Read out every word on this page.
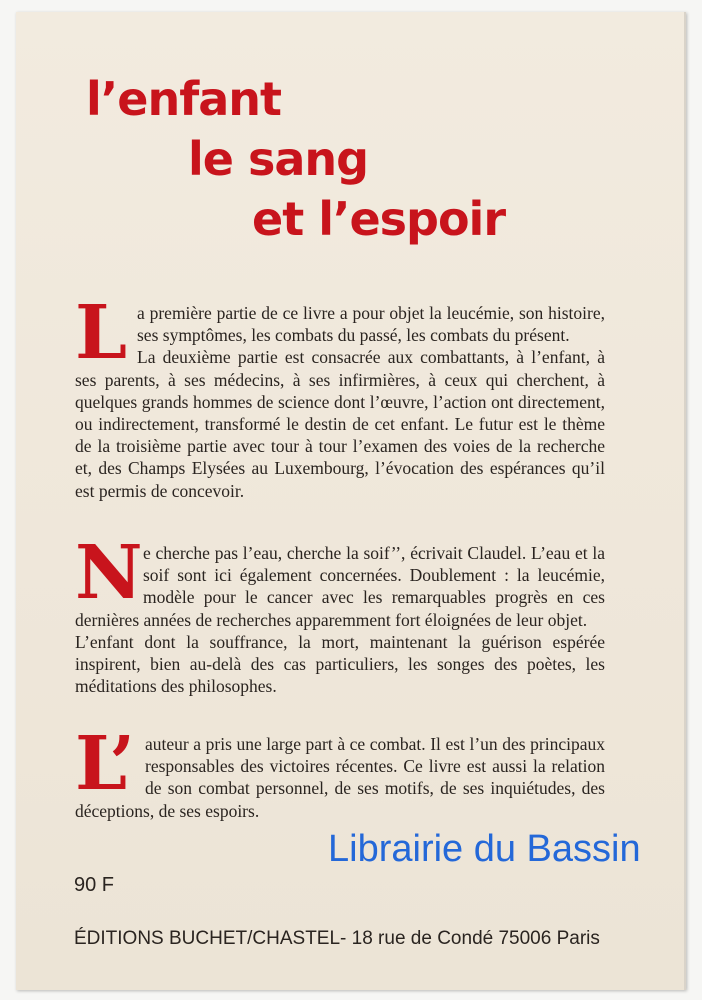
l’enfant
le sang
et l’espoir
L a première partie de ce livre a pour objet la leucémie, son histoire, ses symptômes, les combats du passé, les combats du présent.

La deuxième partie est consacrée aux combattants, à l’enfant, à ses parents, à ses médecins, à ses infirmières, à ceux qui cherchent, à quelques grands hommes de science dont l’œuvre, l’action ont directement, ou indirectement, transformé le destin de cet enfant. Le futur est le thème de la troisième partie avec tour à tour l’examen des voies de la recherche et, des Champs Elysées au Luxembourg, l’évocation des espérances qu’il est permis de concevoir.

N e cherche pas l’eau, cherche la soif’’, écrivait Claudel. L’eau et la soif sont ici également concernées. Doublement : la leucémie, modèle pour le cancer avec les remarquables progrès en ces dernières années de recherches apparemment fort éloignées de leur objet.

L’enfant dont la souffrance, la mort, maintenant la guérison espérée inspirent, bien au-delà des cas particuliers, les songes des poètes, les méditations des philosophes.

L’ auteur a pris une large part à ce combat. Il est l’un des principaux responsables des victoires récentes. Ce livre est aussi la relation de son combat personnel, de ses motifs, de ses inquiétudes, des déceptions, de ses espoirs.

Librairie du Bassin
90 F
ÉDITIONS BUCHET/CHASTEL- 18 rue de Condé 75006 Paris
